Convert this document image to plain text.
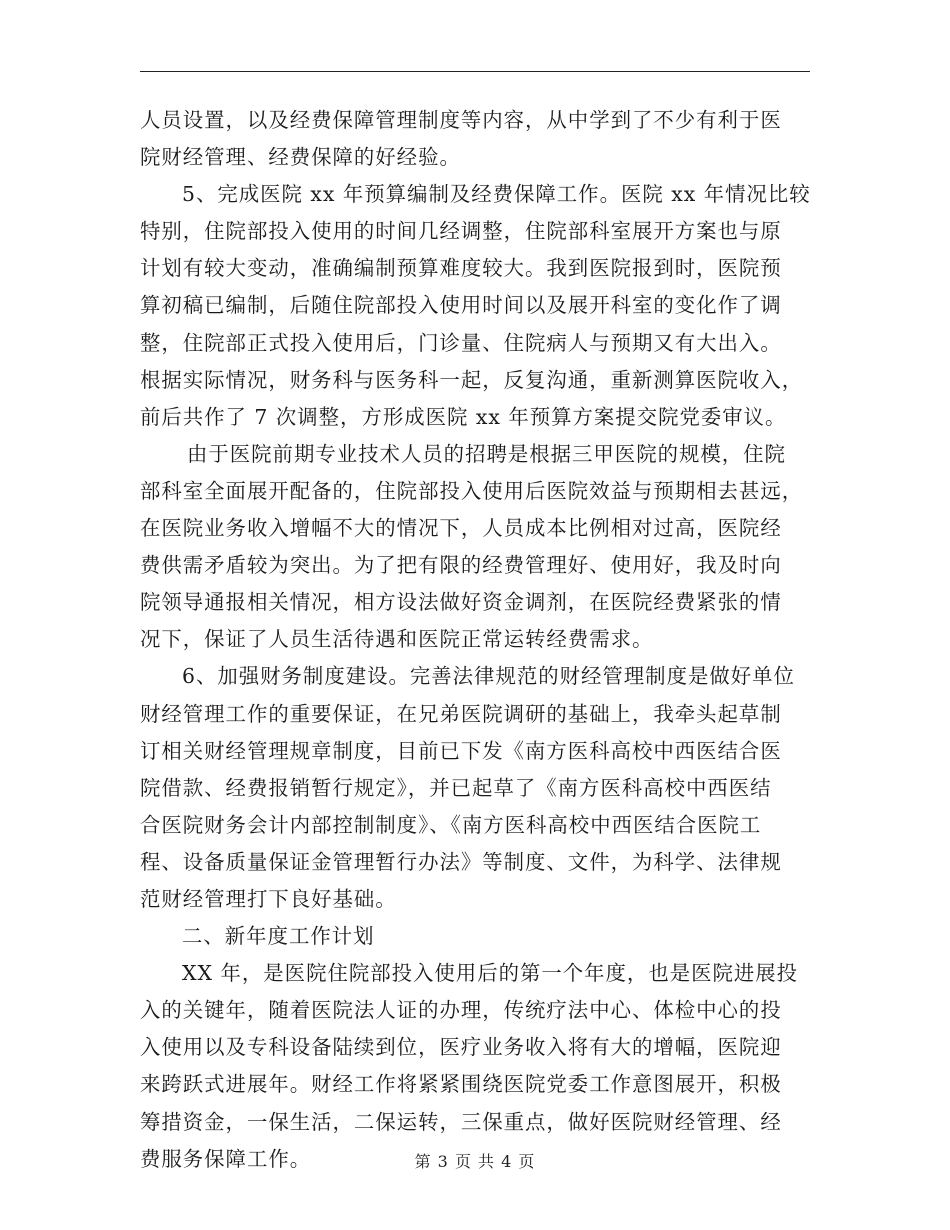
人员设置，以及经费保障管理制度等内容，从中学到了不少有利于医
院财经管理、经费保障的好经验。
5、完成医院 xx 年预算编制及经费保障工作。医院 xx 年情况比较
特别，住院部投入使用的时间几经调整，住院部科室展开方案也与原
计划有较大变动，准确编制预算难度较大。我到医院报到时，医院预
算初稿已编制，后随住院部投入使用时间以及展开科室的变化作了调
整，住院部正式投入使用后，门诊量、住院病人与预期又有大出入。
根据实际情况，财务科与医务科一起，反复沟通，重新测算医院收入，
前后共作了 7 次调整，方形成医院 xx 年预算方案提交院党委审议。
由于医院前期专业技术人员的招聘是根据三甲医院的规模，住院
部科室全面展开配备的，住院部投入使用后医院效益与预期相去甚远，
在医院业务收入增幅不大的情况下，人员成本比例相对过高，医院经
费供需矛盾较为突出。为了把有限的经费管理好、使用好，我及时向
院领导通报相关情况，相方设法做好资金调剂，在医院经费紧张的情
况下，保证了人员生活待遇和医院正常运转经费需求。
6、加强财务制度建设。完善法律规范的财经管理制度是做好单位
财经管理工作的重要保证，在兄弟医院调研的基础上，我牵头起草制
订相关财经管理规章制度，目前已下发《南方医科高校中西医结合医
院借款、经费报销暂行规定》，并已起草了《南方医科高校中西医结
合医院财务会计内部控制制度》、《南方医科高校中西医结合医院工
程、设备质量保证金管理暂行办法》等制度、文件，为科学、法律规
范财经管理打下良好基础。
二、新年度工作计划
XX 年，是医院住院部投入使用后的第一个年度，也是医院进展投
入的关键年，随着医院法人证的办理，传统疗法中心、体检中心的投
入使用以及专科设备陆续到位，医疗业务收入将有大的增幅，医院迎
来跨跃式进展年。财经工作将紧紧围绕医院党委工作意图展开，积极
筹措资金，一保生活，二保运转，三保重点，做好医院财经管理、经
费服务保障工作。	第 3 页 共 4 页
